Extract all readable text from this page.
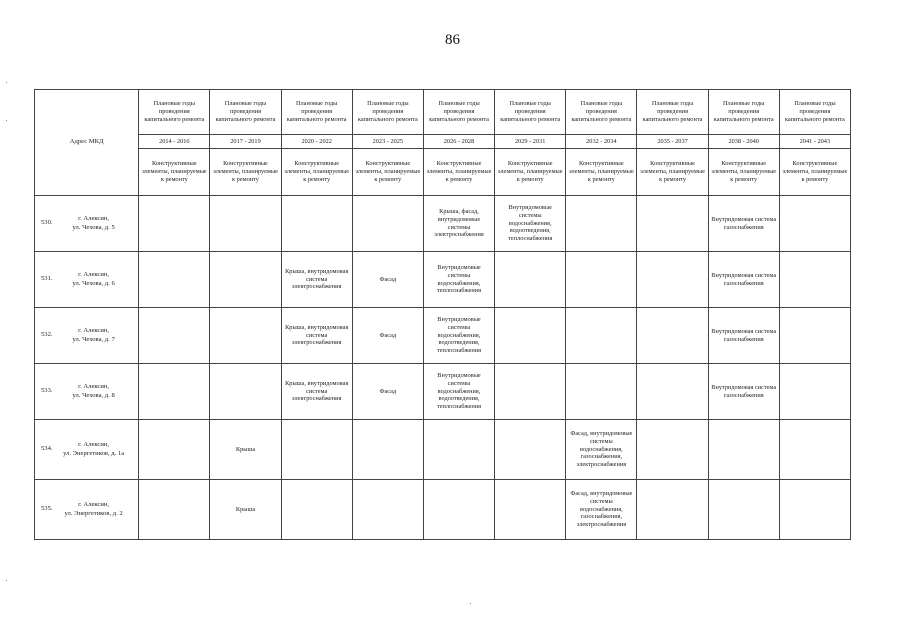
86
Адрес МКД	Плановые годы проведения капитального ремонта	Плановые годы проведения капитального ремонта	Плановые годы проведения капитального ремонта	Плановые годы проведения капитального ремонта	Плановые годы проведения капитального ремонта	Плановые годы проведения капитального ремонта	Плановые годы проведения капитального ремонта	Плановые годы проведения капитального ремонта	Плановые годы проведения капитального ремонта	Плановые годы проведения капитального ремонта
	2014 - 2016	2017 - 2019	2020 - 2022	2023 - 2025	2026 - 2028	2029 - 2031	2032 - 2034	2035 - 2037	2038 - 2040	2041 - 2043
	Конструктивные элементы, планируемые к ремонту	Конструктивные элементы, планируемые к ремонту	Конструктивные элементы, планируемые к ремонту	Конструктивные элементы, планируемые к ремонту	Конструктивные элементы, планируемые к ремонту	Конструктивные элементы, планируемые к ремонту	Конструктивные элементы, планируемые к ремонту	Конструктивные элементы, планируемые к ремонту	Конструктивные элементы, планируемые к ремонту	Конструктивные элементы, планируемые к ремонту

530.
г. Алексин,
ул. Чехова, д. 5					Крыша, фасад, внутридомовые системы электроснабжения	Внутридомовые системы водоснабжения, водоотведения, теплоснабжения			Внутридомовая система газоснабжения	

531.
г. Алексин,
ул. Чехова, д. 6			Крыша, внутридомовая система электроснабжения	Фасад	Внутридомовые системы водоснабжения, теплоснабжения				Внутридомовая система газоснабжения	

532.
г. Алексин,
ул. Чехова, д. 7			Крыша, внутридомовая система электроснабжения	Фасад	Внутридомовые системы водоснабжения, водоотведения, теплоснабжения				Внутридомовая система газоснабжения	

533.
г. Алексин,
ул. Чехова, д. 8			Крыша, внутридомовая система электроснабжения	Фасад	Внутридомовые системы водоснабжения, водоотведения, теплоснабжения				Внутридомовая система газоснабжения	

534.
г. Алексин,
ул. Энергетиков, д. 1а		Крыша					Фасад, внутридомовые системы водоснабжения, газоснабжения, электроснабжения			

535.
г. Алексин,
ул. Энергетиков, д. 2		Крыша					Фасад, внутридомовые системы водоснабжения, газоснабжения, электроснабжения			
